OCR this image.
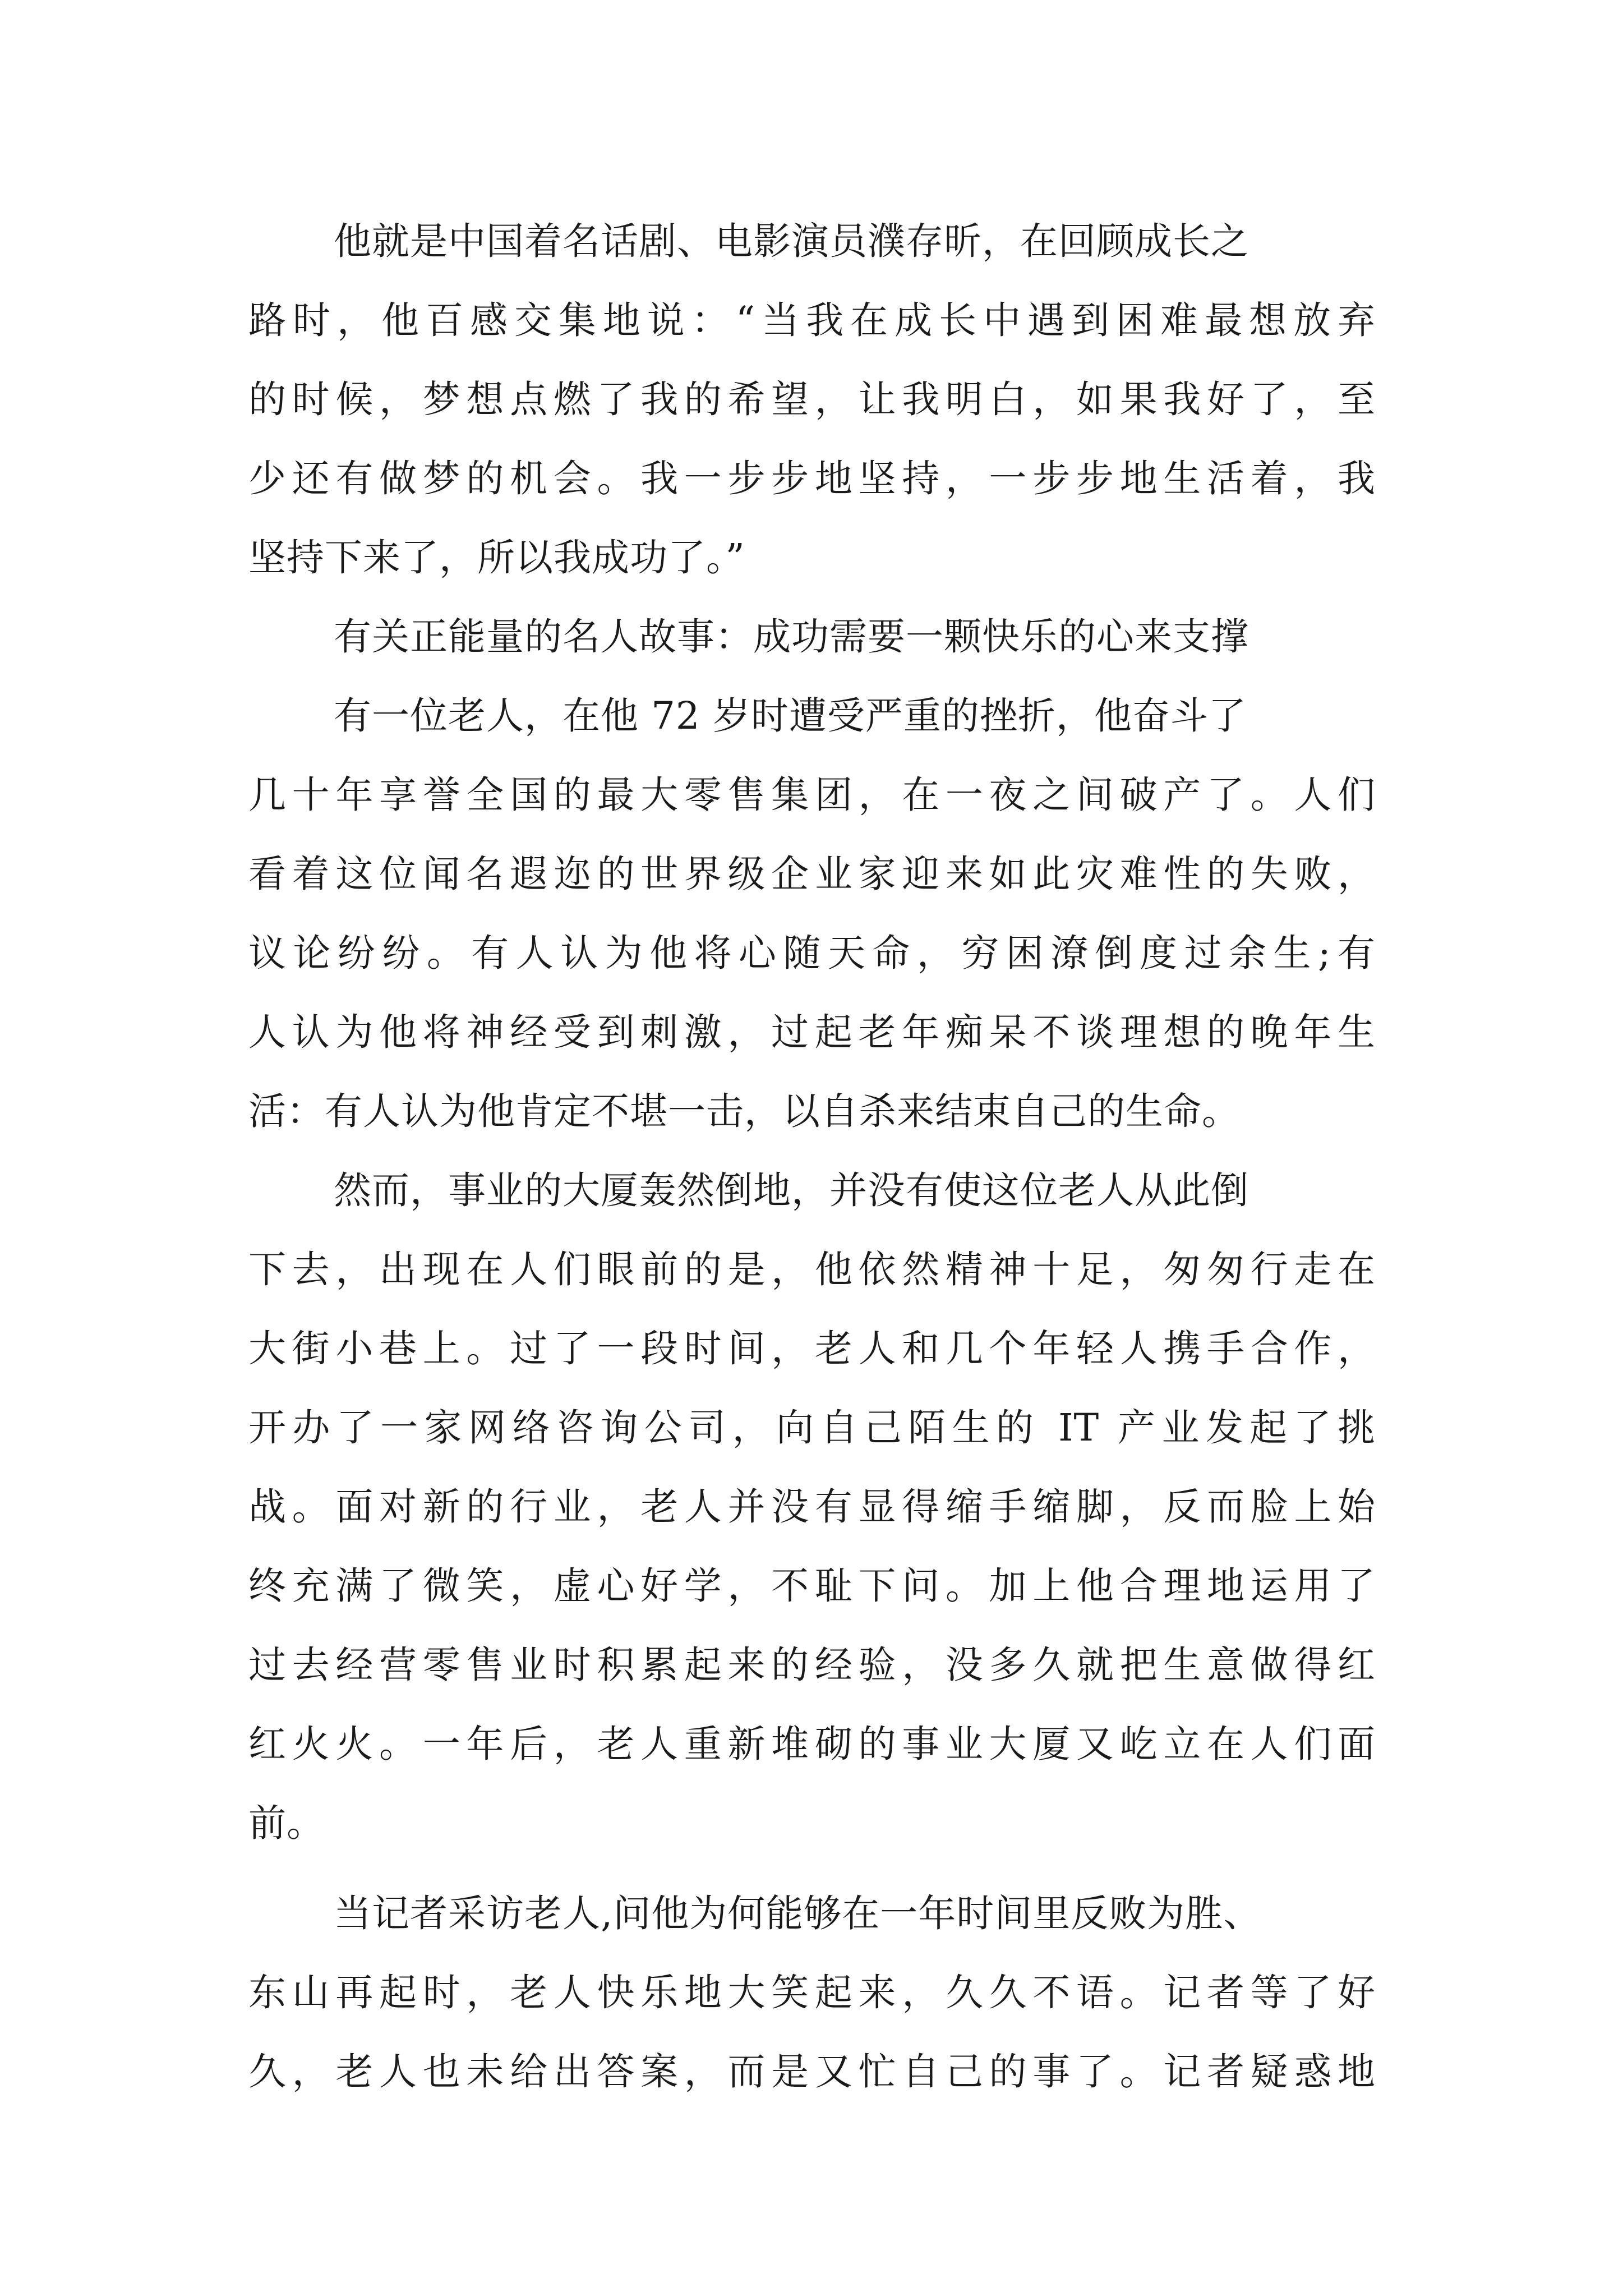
他就是中国着名话剧、电影演员濮存昕，在回顾成长之
路时，他百感交集地说：“当我在成长中遇到困难最想放弃
的时候，梦想点燃了我的希望，让我明白，如果我好了，至
少还有做梦的机会。我一步步地坚持，一步步地生活着，我
坚持下来了，所以我成功了。”
有关正能量的名人故事：成功需要一颗快乐的心来支撑
有一位老人，在他 72 岁时遭受严重的挫折，他奋斗了
几十年享誉全国的最大零售集团，在一夜之间破产了。人们
看着这位闻名遐迩的世界级企业家迎来如此灾难性的失败，
议论纷纷。有人认为他将心随天命，穷困潦倒度过余生;有
人认为他将神经受到刺激，过起老年痴呆不谈理想的晚年生
活：有人认为他肯定不堪一击，以自杀来结束自己的生命。
然而，事业的大厦轰然倒地，并没有使这位老人从此倒
下去，出现在人们眼前的是，他依然精神十足，匆匆行走在
大街小巷上。过了一段时间，老人和几个年轻人携手合作，
开办了一家网络咨询公司，向自己陌生的 IT 产业发起了挑
战。面对新的行业，老人并没有显得缩手缩脚，反而脸上始
终充满了微笑，虚心好学，不耻下问。加上他合理地运用了
过去经营零售业时积累起来的经验，没多久就把生意做得红
红火火。一年后，老人重新堆砌的事业大厦又屹立在人们面
前。
当记者采访老人,问他为何能够在一年时间里反败为胜、
东山再起时，老人快乐地大笑起来，久久不语。记者等了好
久，老人也未给出答案，而是又忙自己的事了。记者疑惑地
